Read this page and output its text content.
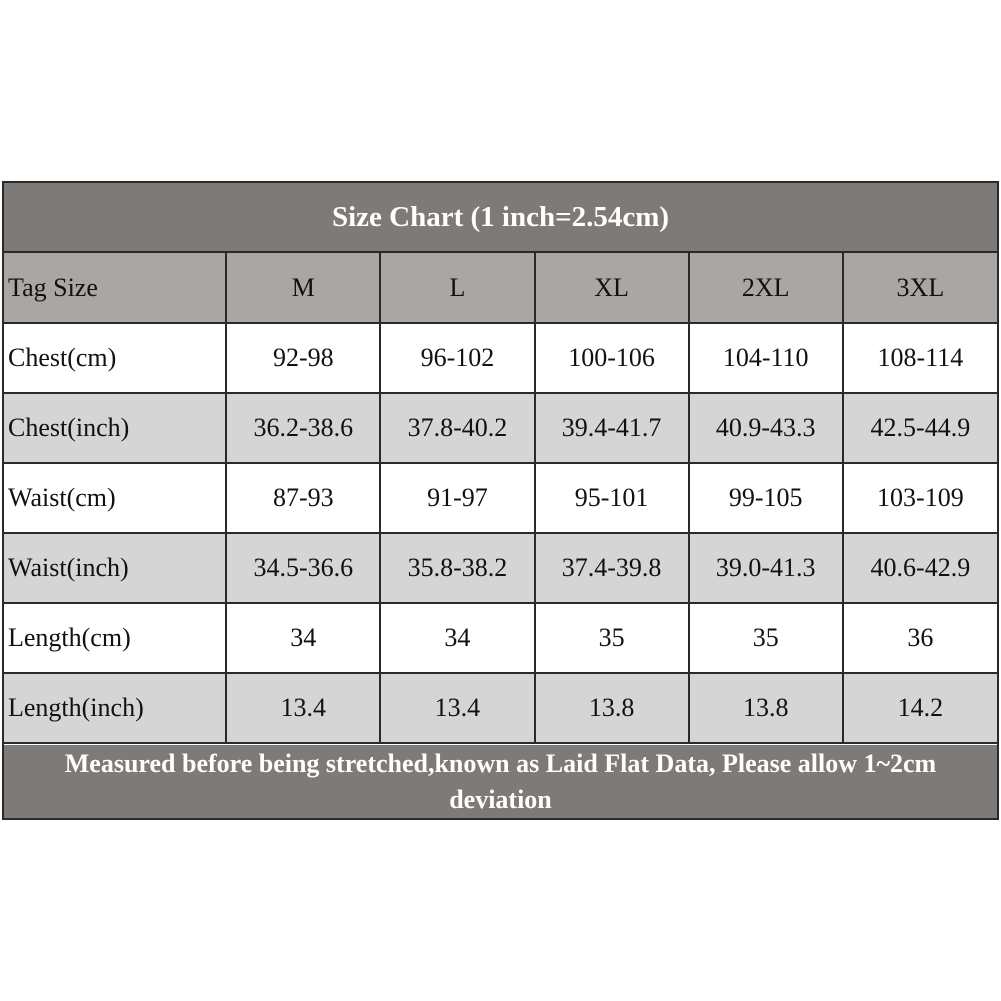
Size Chart (1 inch=2.54cm)
Tag Size	M	L	XL	2XL	3XL
Chest(cm)	92-98	96-102	100-106	104-110	108-114
Chest(inch)	36.2-38.6	37.8-40.2	39.4-41.7	40.9-43.3	42.5-44.9
Waist(cm)	87-93	91-97	95-101	99-105	103-109
Waist(inch)	34.5-36.6	35.8-38.2	37.4-39.8	39.0-41.3	40.6-42.9
Length(cm)	34	34	35	35	36
Length(inch)	13.4	13.4	13.8	13.8	14.2
Measured before being stretched,known as Laid Flat Data, Please allow 1~2cm deviation
